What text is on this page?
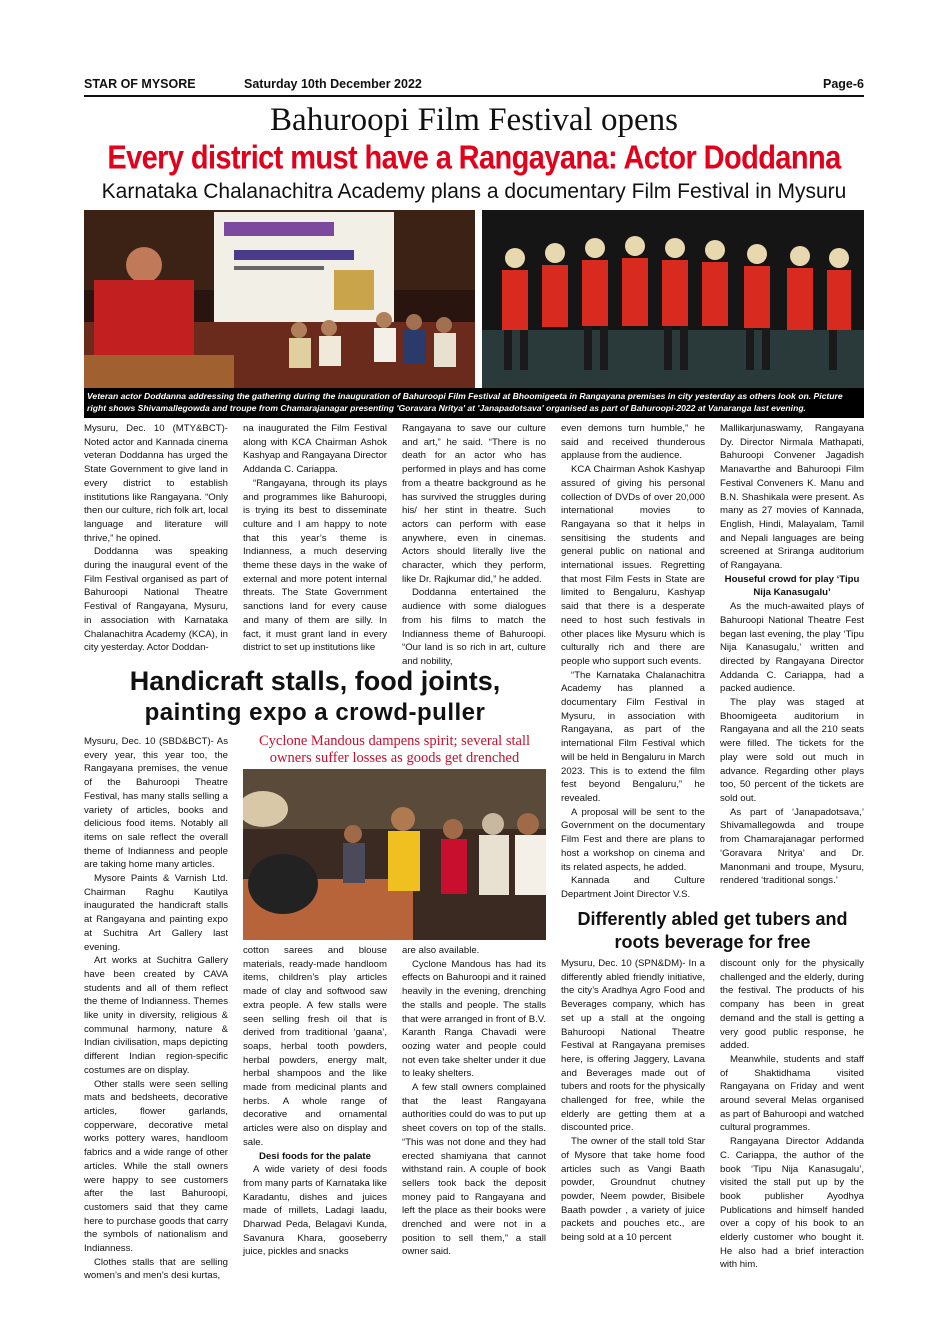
STAR OF MYSORE	Saturday 10th December 2022	Page-6
Bahuroopi Film Festival opens
Every district must have a Rangayana: Actor Doddanna
Karnataka Chalanachitra Academy plans a documentary Film Festival in Mysuru
Veteran actor Doddanna addressing the gathering during the inauguration of Bahuroopi Film Festival at Bhoomigeeta in Rangayana premises in city yesterday as others look on. Picture right shows Shivamallegowda and troupe from Chamarajanagar presenting 'Goravara Nritya' at 'Janapadotsava' organised as part of Bahuroopi-2022 at Vanaranga last evening.

Mysuru, Dec. 10 (MTY&BCT)- Noted actor and Kannada cinema veteran Doddanna has urged the State Government to give land in every district to establish institutions like Rangayana. “Only then our culture, rich folk art, local language and literature will thrive,” he opined.

Doddanna was speaking during the inaugural event of the Film Festival organised as part of Bahuroopi National Theatre Festival of Rangayana, Mysuru, in association with Karnataka Chalanachitra Academy (KCA), in city yesterday. Actor Doddan-

na inaugurated the Film Festival along with KCA Chairman Ashok Kashyap and Rangayana Director Addanda C. Cariappa.

“Rangayana, through its plays and programmes like Bahuroopi, is trying its best to disseminate culture and I am happy to note that this year’s theme is Indianness, a much deserving theme these days in the wake of external and more potent internal threats. The State Government sanctions land for every cause and many of them are silly. In fact, it must grant land in every district to set up institutions like

Rangayana to save our culture and art,” he said. “There is no death for an actor who has performed in plays and has come from a theatre background as he has survived the struggles during his/ her stint in theatre. Such actors can perform with ease anywhere, even in cinemas. Actors should literally live the character, which they perform, like Dr. Rajkumar did,” he added.

Doddanna entertained the audience with some dialogues from his films to match the Indianness theme of Bahuroopi. “Our land is so rich in art, culture and nobility,

even demons turn humble,” he said and received thunderous applause from the audience.

KCA Chairman Ashok Kashyap assured of giving his personal collection of DVDs of over 20,000 international movies to Rangayana so that it helps in sensitising the students and general public on national and international issues. Regretting that most Film Fests in State are limited to Bengaluru, Kashyap said that there is a desperate need to host such festivals in other places like Mysuru which is culturally rich and there are people who support such events.

“The Karnataka Chalanachitra Academy has planned a documentary Film Festival in Mysuru, in association with Rangayana, as part of the international Film Festival which will be held in Bengaluru in March 2023. This is to extend the film fest beyond Bengaluru,” he revealed.

A proposal will be sent to the Government on the documentary Film Fest and there are plans to host a workshop on cinema and its related aspects, he added.

Kannada and Culture Department Joint Director V.S.

Mallikarjunaswamy, Rangayana Dy. Director Nirmala Mathapati, Bahuroopi Convener Jagadish Manavarthe and Bahuroopi Film Festival Conveners K. Manu and B.N. Shashikala were present. As many as 27 movies of Kannada, English, Hindi, Malayalam, Tamil and Nepali languages are being screened at Sriranga auditorium of Rangayana.

Houseful crowd for play ‘Tipu Nija Kanasugalu’

As the much-awaited plays of Bahuroopi National Theatre Fest began last evening, the play ‘Tipu Nija Kanasugalu,’ written and directed by Rangayana Director Addanda C. Cariappa, had a packed audience.

The play was staged at Bhoomigeeta auditorium in Rangayana and all the 210 seats were filled. The tickets for the play were sold out much in advance. Regarding other plays too, 50 percent of the tickets are sold out.

As part of ‘Janapadotsava,’ Shivamallegowda and troupe from Chamarajanagar performed ‘Goravara Nritya’ and Dr. Manonmani and troupe, Mysuru, rendered ‘traditional songs.’

Handicraft stalls, food joints,
painting expo a crowd-puller
Cyclone Mandous dampens spirit; several stall owners suffer losses as goods get drenched

Mysuru, Dec. 10 (SBD&BCT)- As every year, this year too, the Rangayana premises, the venue of the Bahuroopi Theatre Festival, has many stalls selling a variety of articles, books and delicious food items. Notably all items on sale reflect the overall theme of Indianness and people are taking home many articles.

Mysore Paints & Varnish Ltd. Chairman Raghu Kautilya inaugurated the handicraft stalls at Rangayana and painting expo at Suchitra Art Gallery last evening.

Art works at Suchitra Gallery have been created by CAVA students and all of them reflect the theme of Indianness. Themes like unity in diversity, religious & communal harmony, nature & Indian civilisation, maps depicting different Indian region-specific costumes are on display.

Other stalls were seen selling mats and bedsheets, decorative articles, flower garlands, copperware, decorative metal works pottery wares, handloom fabrics and a wide range of other articles. While the stall owners were happy to see customers after the last Bahuroopi, customers said that they came here to purchase goods that carry the symbols of nationalism and Indianness.

Clothes stalls that are selling women’s and men’s desi kurtas,

cotton sarees and blouse materials, ready-made handloom items, children’s play articles made of clay and softwood saw extra people. A few stalls were seen selling fresh oil that is derived from traditional ‘gaana’, soaps, herbal tooth powders, herbal powders, energy malt, herbal shampoos and the like made from medicinal plants and herbs. A whole range of decorative and ornamental articles were also on display and sale.

Desi foods for the palate

A wide variety of desi foods from many parts of Karnataka like Karadantu, dishes and juices made of millets, Ladagi laadu, Dharwad Peda, Belagavi Kunda, Savanura Khara, gooseberry juice, pickles and snacks

are also available.

Cyclone Mandous has had its effects on Bahuroopi and it rained heavily in the evening, drenching the stalls and people. The stalls that were arranged in front of B.V. Karanth Ranga Chavadi were oozing water and people could not even take shelter under it due to leaky shelters.

A few stall owners complained that the least Rangayana authorities could do was to put up sheet covers on top of the stalls. “This was not done and they had erected shamiyana that cannot withstand rain. A couple of book sellers took back the deposit money paid to Rangayana and left the place as their books were drenched and were not in a position to sell them,” a stall owner said.

Differently abled get tubers and roots beverage for free

Mysuru, Dec. 10 (SPN&DM)- In a differently abled friendly initiative, the city’s Aradhya Agro Food and Beverages company, which has set up a stall at the ongoing Bahuroopi National Theatre Festival at Rangayana premises here, is offering Jaggery, Lavana and Beverages made out of tubers and roots for the physically challenged for free, while the elderly are getting them at a discounted price.

The owner of the stall told Star of Mysore that take home food articles such as Vangi Baath powder, Groundnut chutney powder, Neem powder, Bisibele Baath powder , a variety of juice packets and pouches etc., are being sold at a 10 percent

discount only for the physically challenged and the elderly, during the festival. The products of his company has been in great demand and the stall is getting a very good public response, he added.

Meanwhile, students and staff of Shaktidhama visited Rangayana on Friday and went around several Melas organised as part of Bahuroopi and watched cultural programmes.

Rangayana Director Addanda C. Cariappa, the author of the book ‘Tipu Nija Kanasugalu’, visited the stall put up by the book publisher Ayodhya Publications and himself handed over a copy of his book to an elderly customer who bought it. He also had a brief interaction with him.
